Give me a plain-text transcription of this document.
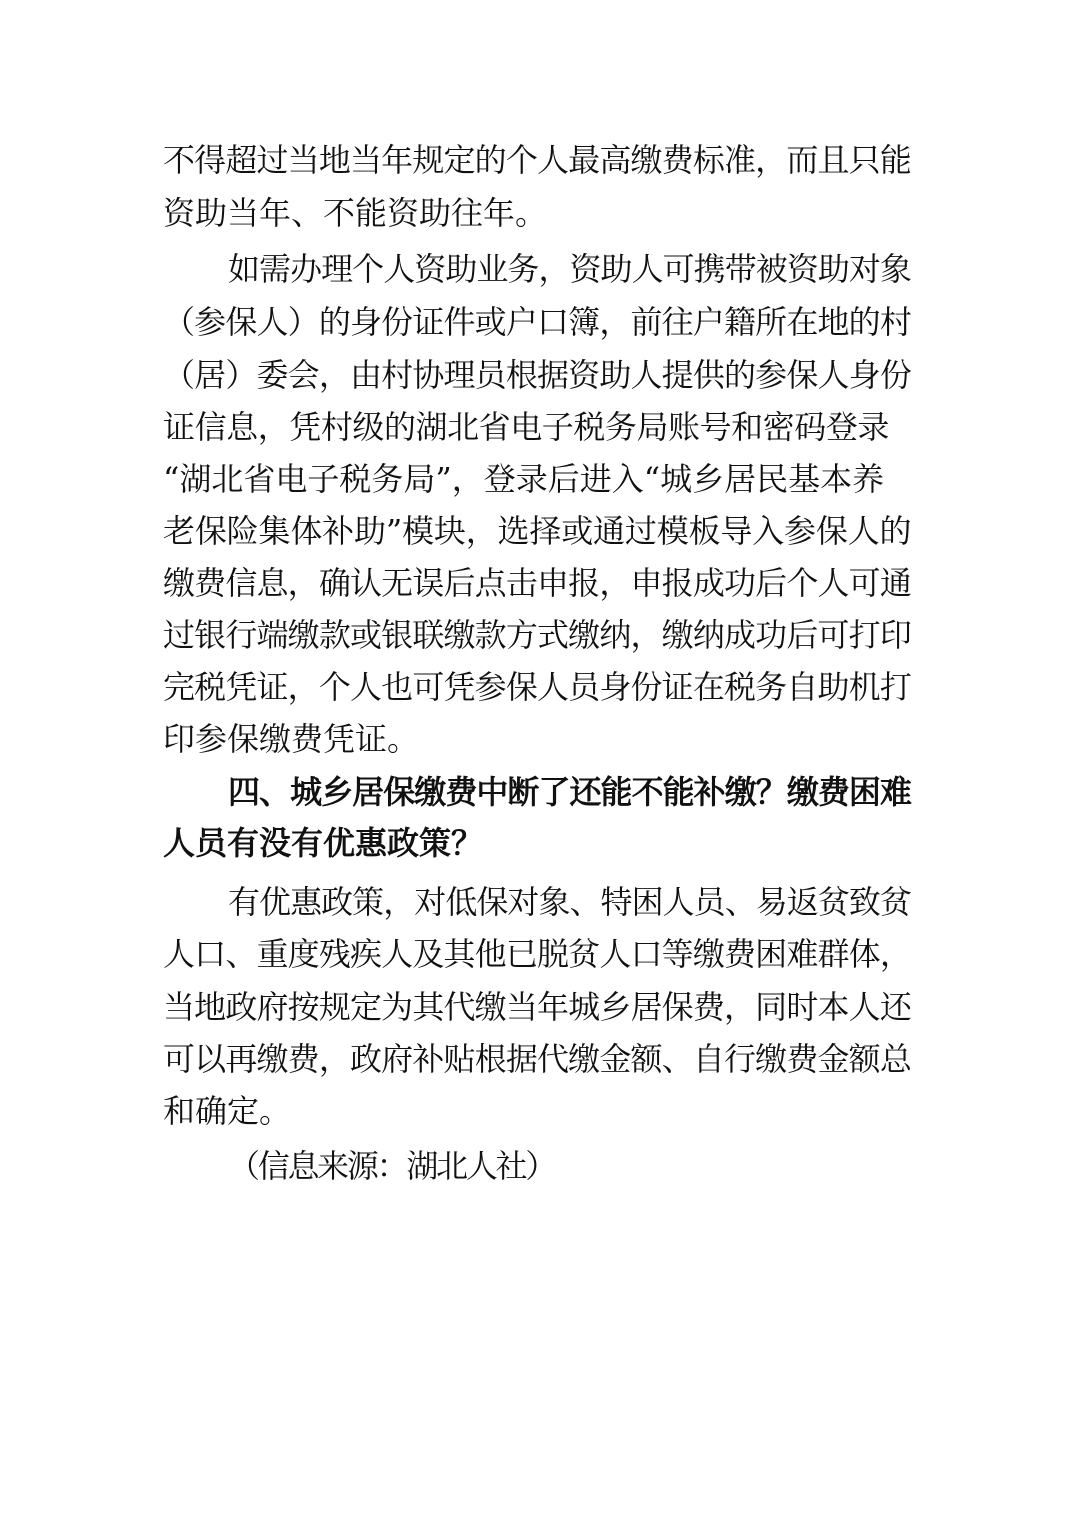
不得超过当地当年规定的个人最高缴费标准，而且只能
资助当年、不能资助往年。
如需办理个人资助业务，资助人可携带被资助对象
（参保人）的身份证件或户口簿，前往户籍所在地的村
（居）委会，由村协理员根据资助人提供的参保人身份
证信息，凭村级的湖北省电子税务局账号和密码登录
“湖北省电子税务局”，登录后进入“城乡居民基本养
老保险集体补助”模块，选择或通过模板导入参保人的
缴费信息，确认无误后点击申报，申报成功后个人可通
过银行端缴款或银联缴款方式缴纳，缴纳成功后可打印
完税凭证，个人也可凭参保人员身份证在税务自助机打
印参保缴费凭证。
四、城乡居保缴费中断了还能不能补缴？缴费困难
人员有没有优惠政策？
有优惠政策，对低保对象、特困人员、易返贫致贫
人口、重度残疾人及其他已脱贫人口等缴费困难群体，
当地政府按规定为其代缴当年城乡居保费，同时本人还
可以再缴费，政府补贴根据代缴金额、自行缴费金额总
和确定。
（信息来源：湖北人社）
